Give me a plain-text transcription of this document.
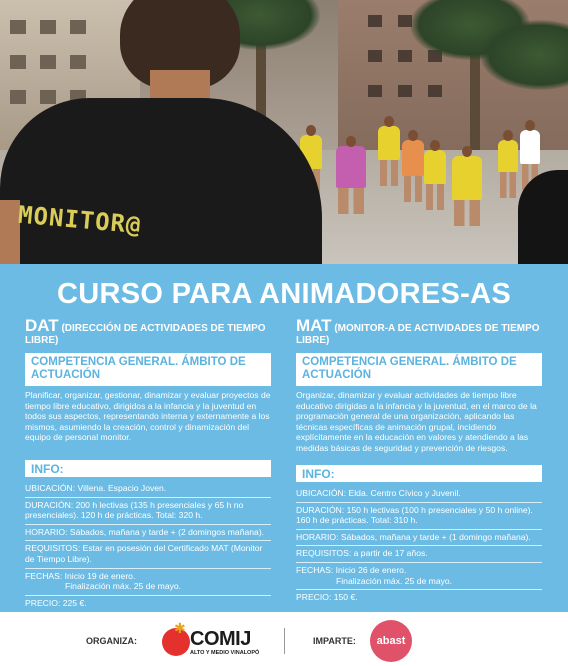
MONITOR@
CURSO PARA ANIMADORES-AS
DAT (DIRECCIÓN DE ACTIVIDADES DE TIEMPO LIBRE)
COMPETENCIA GENERAL. ÁMBITO DE ACTUACIÓN
Planificar, organizar, gestionar, dinamizar y evaluar proyectos de tiempo libre educativo, dirigidos a la infancia y la juventud en todos sus aspectos, representando interna y externamente a los mismos, asumiendo la creación, control y dinamización del equipo de personal monitor.
INFO:
UBICACIÓN: Villena. Espacio Joven.
DURACIÓN: 200 h lectivas (135 h presenciales y 65 h no presenciales). 120 h de prácticas. Total: 320 h.
HORARIO: Sábados, mañana y tarde + (2 domingos mañana).
REQUISITOS: Estar en posesión del Certificado MAT (Monitor de Tiempo Libre).
FECHAS: Inicio 19 de enero.
Finalización máx. 25 de mayo.
PRECIO: 225 €.
MAT (MONITOR-A DE ACTIVIDADES DE TIEMPO LIBRE)
COMPETENCIA GENERAL. ÁMBITO DE ACTUACIÓN
Organizar, dinamizar y evaluar actividades de tiempo libre educativo dirigidas a la infancia y la juventud, en el marco de la programación general de una organización, aplicando las técnicas específicas de animación grupal, incidiendo explícitamente en la educación en valores y atendiendo a las medidas básicas de seguridad y prevención de riesgos.
INFO:
UBICACIÓN: Elda. Centro Cívico y Juvenil.
DURACIÓN: 150 h lectivas (100 h presenciales y 50 h online). 160 h de prácticas. Total: 310 h.
HORARIO: Sábados, mañana y tarde + (1 domingo mañana).
REQUISITOS: a partir de 17 años.
FECHAS: Inicio 26 de enero.
Finalización máx. 25 de mayo.
PRECIO: 150 €.
ORGANIZA:
✱ COMIJ
ALTO Y MEDIO VINALOPÓ
IMPARTE:	abast
